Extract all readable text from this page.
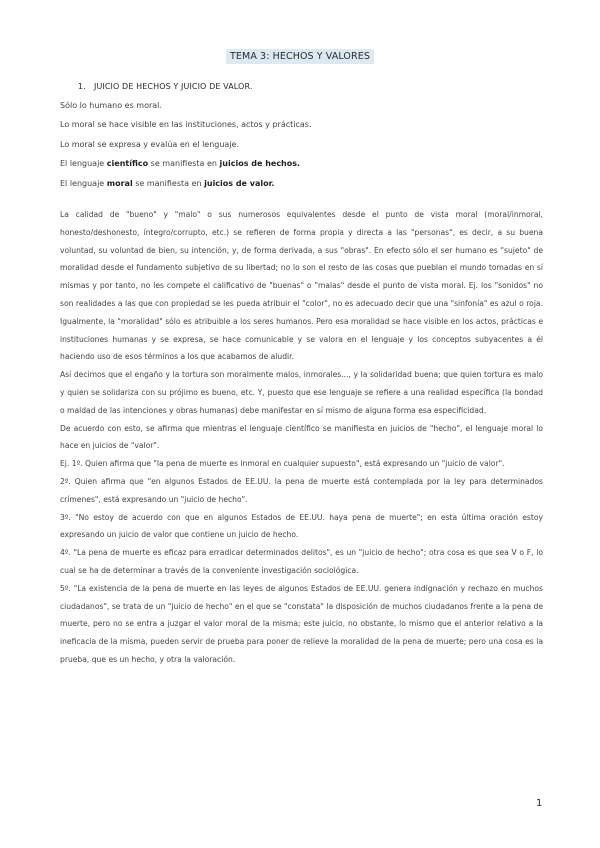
TEMA 3: HECHOS Y VALORES
1. JUICIO DE HECHOS Y JUICIO DE VALOR.
Sólo lo humano es moral.
Lo moral se hace visible en las instituciones, actos y prácticas.
Lo moral se expresa y evalúa en el lenguaje.
El lenguaje científico se manifiesta en juicios de hechos.
El lenguaje moral se manifiesta en juicios de valor.

La calidad de "bueno" y "malo" o sus numerosos equivalentes desde el punto de vista moral (moral/inmoral, honesto/deshonesto, íntegro/corrupto, etc.) se refieren de forma propia y directa a las "personas", es decir, a su buena voluntad, su voluntad de bien, su intención, y, de forma derivada, a sus "obras". En efecto sólo el ser humano es "sujeto" de moralidad desde el fundamento subjetivo de su libertad; no lo son el resto de las cosas que pueblan el mundo tomadas en sí mismas y por tanto, no les compete el calificativo de "buenas" o "malas" desde el punto de vista moral. Ej. los "sonidos" no son realidades a las que con propiedad se les pueda atribuir el "color", no es adecuado decir que una "sinfonía" es azul o roja. Igualmente, la "moralidad" sólo es atribuible a los seres humanos. Pero esa moralidad se hace visible en los actos, prácticas e instituciones humanas y se expresa, se hace comunicable y se valora en el lenguaje y los conceptos subyacentes a él haciendo uso de esos términos a los que acabamos de aludir.

Así decimos que el engaño y la tortura son moralmente malos, inmorales..., y la solidaridad buena; que quien tortura es malo y quien se solidariza con su prójimo es bueno, etc. Y, puesto que ese lenguaje se refiere a una realidad específica (la bondad o maldad de las intenciones y obras humanas) debe manifestar en sí mismo de alguna forma esa especificidad.

De acuerdo con esto, se afirma que mientras el lenguaje científico se manifiesta en juicios de "hecho", el lenguaje moral lo hace en juicios de "valor".

Ej. 1º. Quien afirma que "la pena de muerte es inmoral en cualquier supuesto", está expresando un "juicio de valor".

2º. Quien afirma que "en algunos Estados de EE.UU. la pena de muerte está contemplada por la ley para determinados crímenes", está expresando un "juicio de hecho".

3º. "No estoy de acuerdo con que en algunos Estados de EE.UU. haya pena de muerte"; en esta última oración estoy expresando un juicio de valor que contiene un juicio de hecho.

4º. "La pena de muerte es eficaz para erradicar determinados delitos", es un "juicio de hecho"; otra cosa es que sea V o F, lo cual se ha de determinar a través de la conveniente investigación sociológica.

5º. "La existencia de la pena de muerte en las leyes de algunos Estados de EE.UU. genera indignación y rechazo en muchos ciudadanos", se trata de un "juicio de hecho" en el que se "constata" la disposición de muchos ciudadanos frente a la pena de muerte, pero no se entra a juzgar el valor moral de la misma; este juicio, no obstante, lo mismo que el anterior relativo a la ineficacia de la misma, pueden servir de prueba para poner de relieve la moralidad de la pena de muerte; pero una cosa es la prueba, que es un hecho, y otra la valoración.

1
